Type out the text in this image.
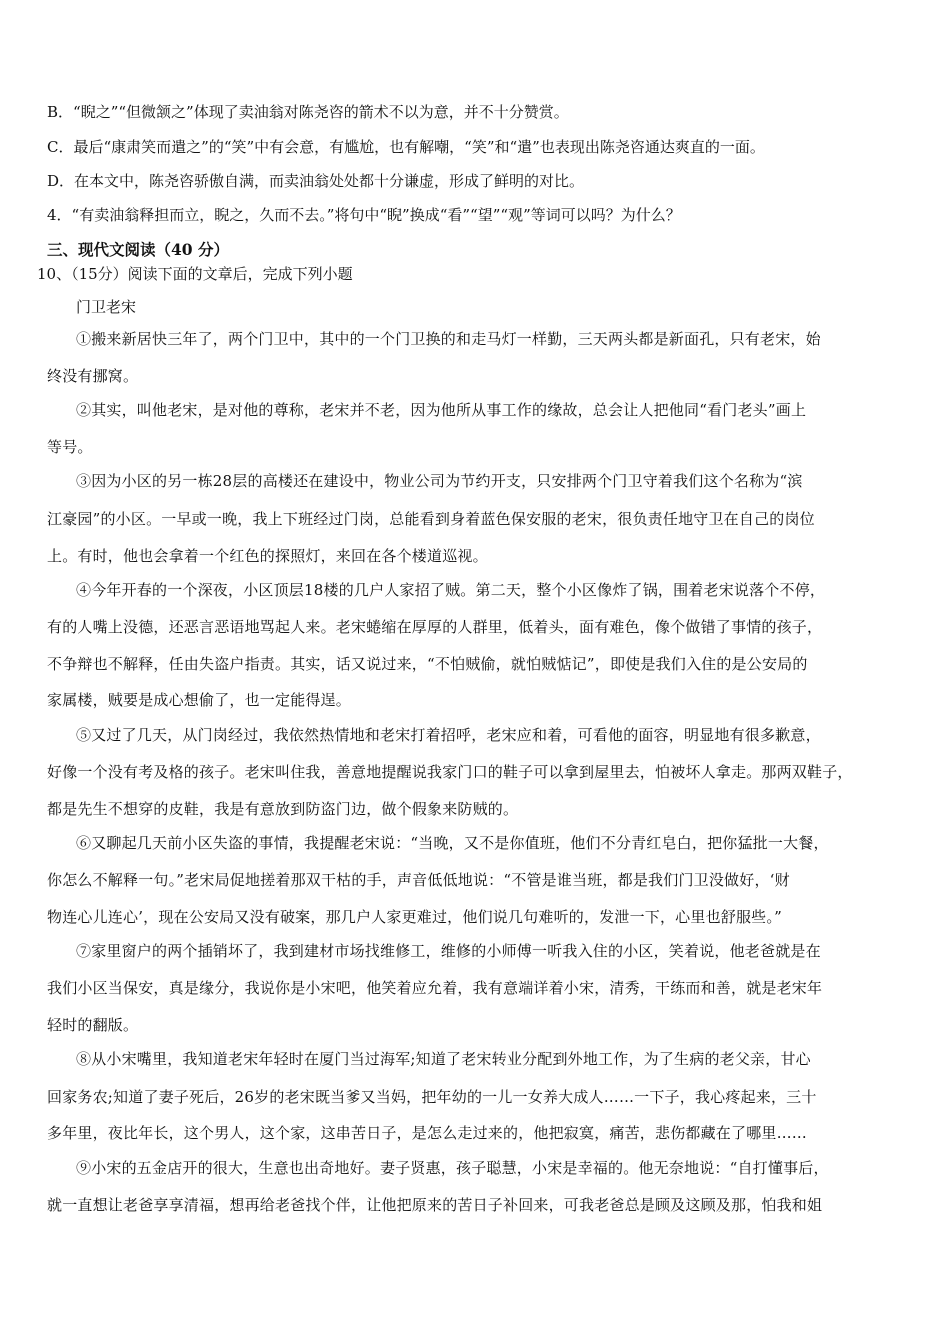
B．“睨之”“但微颔之”体现了卖油翁对陈尧咨的箭术不以为意，并不十分赞赏。
C．最后“康肃笑而遣之”的“笑”中有会意，有尴尬，也有解嘲，“笑”和“遣”也表现出陈尧咨通达爽直的一面。
D．在本文中，陈尧咨骄傲自满，而卖油翁处处都十分谦虚，形成了鲜明的对比。
4．“有卖油翁释担而立，睨之，久而不去。”将句中“睨”换成“看”“望”“观”等词可以吗？为什么？
三、现代文阅读（40 分）
10、（15分）阅读下面的文章后，完成下列小题
门卫老宋
①搬来新居快三年了，两个门卫中，其中的一个门卫换的和走马灯一样勤，三天两头都是新面孔，只有老宋，始
终没有挪窝。
②其实，叫他老宋，是对他的尊称，老宋并不老，因为他所从事工作的缘故，总会让人把他同“看门老头”画上
等号。
③因为小区的另一栋28层的高楼还在建设中，物业公司为节约开支，只安排两个门卫守着我们这个名称为“滨
江豪园”的小区。一早或一晚，我上下班经过门岗，总能看到身着蓝色保安服的老宋，很负责任地守卫在自己的岗位
上。有时，他也会拿着一个红色的探照灯，来回在各个楼道巡视。
④今年开春的一个深夜，小区顶层18楼的几户人家招了贼。第二天，整个小区像炸了锅，围着老宋说落个不停，
有的人嘴上没德，还恶言恶语地骂起人来。老宋蜷缩在厚厚的人群里，低着头，面有难色，像个做错了事情的孩子，
不争辩也不解释，任由失盗户指责。其实，话又说过来，“不怕贼偷，就怕贼惦记”，即使是我们入住的是公安局的
家属楼，贼要是成心想偷了，也一定能得逞。
⑤又过了几天，从门岗经过，我依然热情地和老宋打着招呼，老宋应和着，可看他的面容，明显地有很多歉意，
好像一个没有考及格的孩子。老宋叫住我，善意地提醒说我家门口的鞋子可以拿到屋里去，怕被坏人拿走。那两双鞋子，
都是先生不想穿的皮鞋，我是有意放到防盗门边，做个假象来防贼的。
⑥又聊起几天前小区失盗的事情，我提醒老宋说：“当晚，又不是你值班，他们不分青红皂白，把你猛批一大餐，
你怎么不解释一句。”老宋局促地搓着那双干枯的手，声音低低地说：“不管是谁当班，都是我们门卫没做好，‘财
物连心儿连心’，现在公安局又没有破案，那几户人家更难过，他们说几句难听的，发泄一下，心里也舒服些。”
⑦家里窗户的两个插销坏了，我到建材市场找维修工，维修的小师傅一听我入住的小区，笑着说，他老爸就是在
我们小区当保安，真是缘分，我说你是小宋吧，他笑着应允着，我有意端详着小宋，清秀，干练而和善，就是老宋年
轻时的翻版。
⑧从小宋嘴里，我知道老宋年轻时在厦门当过海军;知道了老宋转业分配到外地工作，为了生病的老父亲，甘心
回家务农;知道了妻子死后，26岁的老宋既当爹又当妈，把年幼的一儿一女养大成人……一下子，我心疼起来，三十
多年里，夜比年长，这个男人，这个家，这串苦日子，是怎么走过来的，他把寂寞，痛苦，悲伤都藏在了哪里……
⑨小宋的五金店开的很大，生意也出奇地好。妻子贤惠，孩子聪慧，小宋是幸福的。他无奈地说：“自打懂事后，
就一直想让老爸享享清福，想再给老爸找个伴，让他把原来的苦日子补回来，可我老爸总是顾及这顾及那，怕我和姐
